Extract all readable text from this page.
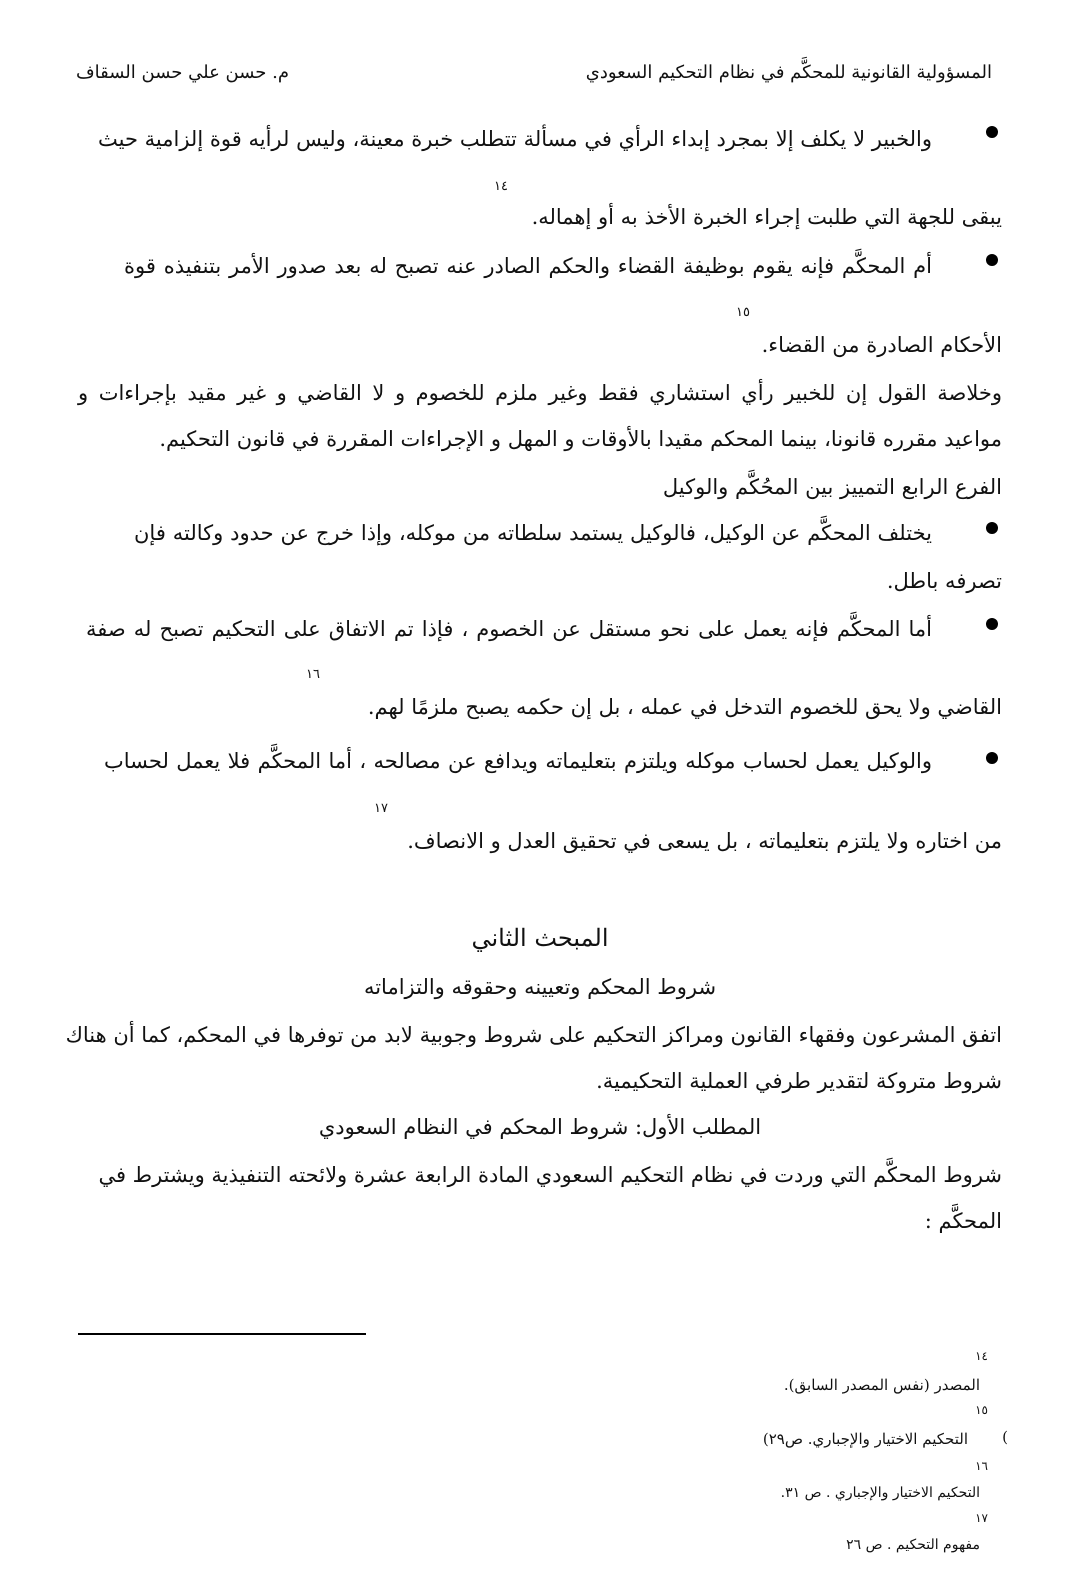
المسؤولية القانونية للمحكَّم في نظام التحكيم السعودي
م. حسن علي حسن السقاف
والخبير لا يكلف إلا بمجرد إبداء الرأي في مسألة تتطلب خبرة معينة، وليس لرأيه قوة إلزامية حيث
١٤
يبقى للجهة التي طلبت إجراء الخبرة الأخذ به أو إهماله.
أم المحكَّم فإنه يقوم بوظيفة القضاء والحكم الصادر عنه تصبح له بعد صدور الأمر بتنفيذه قوة
١٥
الأحكام الصادرة من القضاء.
وخلاصة القول إن للخبير رأي استشاري فقط وغير ملزم للخصوم و لا القاضي و غير مقيد بإجراءات و
مواعيد مقرره قانونا، بينما المحكم مقيدا بالأوقات و المهل و الإجراءات المقررة في قانون التحكيم.
الفرع الرابع التمييز بين المحُكَّم والوكيل
يختلف المحكَّم عن الوكيل، فالوكيل يستمد سلطاته من موكله، وإذا خرج عن حدود وكالته فإن
تصرفه باطل.
أما المحكَّم فإنه يعمل على نحو مستقل عن الخصوم ، فإذا تم الاتفاق على التحكيم تصبح له صفة
١٦
القاضي ولا يحق للخصوم التدخل في عمله ، بل إن حكمه يصبح ملزمًا لهم.
والوكيل يعمل لحساب موكله ويلتزم بتعليماته ويدافع عن مصالحه ، أما المحكَّم فلا يعمل لحساب
١٧
من اختاره ولا يلتزم بتعليماته ، بل يسعى في تحقيق العدل و الانصاف.
المبحث الثاني
شروط المحكم وتعيينه وحقوقه والتزاماته
اتفق المشرعون وفقهاء القانون ومراكز التحكيم على شروط وجوبية لابد من توفرها في المحكم، كما أن هناك
شروط متروكة لتقدير طرفي العملية التحكيمية.
المطلب الأول: شروط المحكم في النظام السعودي
شروط المحكَّم التي وردت في نظام التحكيم السعودي المادة الرابعة عشرة ولائحته التنفيذية ويشترط في
المحكَّم :
١٤
المصدر (نفس المصدر السابق).
١٥
)
التحكيم الاختيار والإجباري. ص٢٩)
١٦
التحكيم الاختيار والإجباري . ص ٣١.
١٧
مفهوم التحكيم . ص ٢٦
